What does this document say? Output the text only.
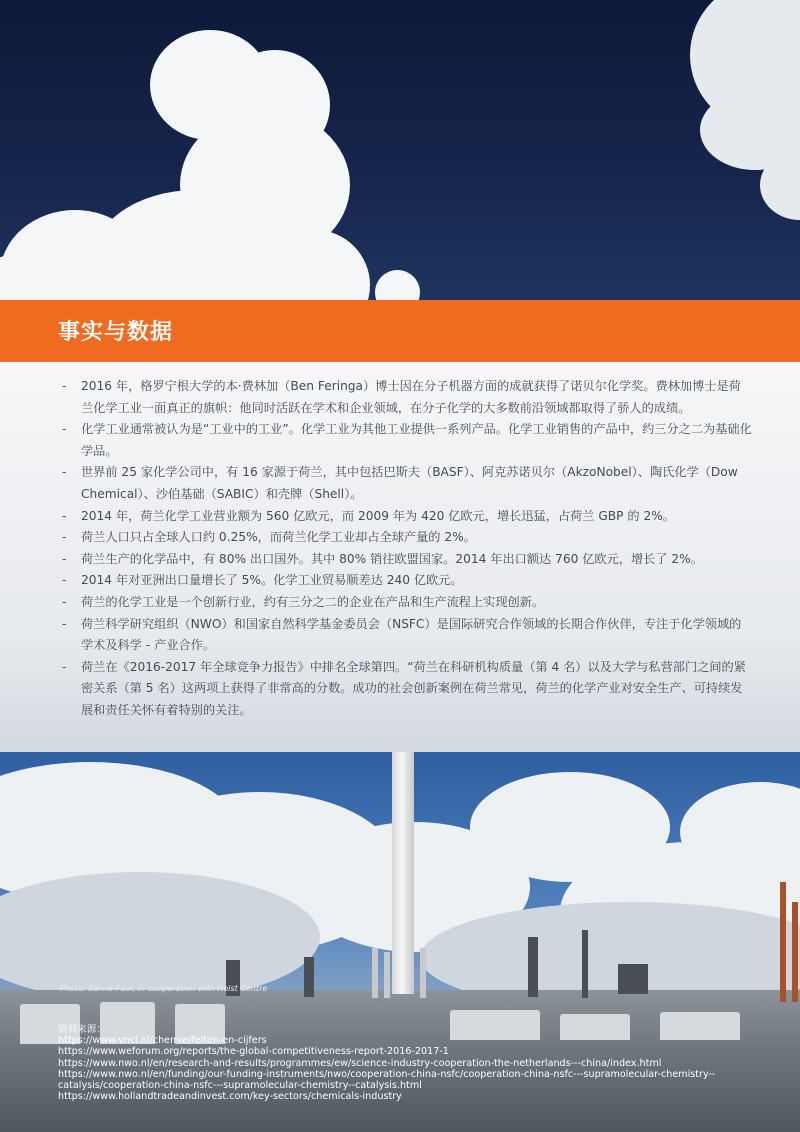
事实与数据
- 2016 年，格罗宁根大学的本·费林加（Ben Feringa）博士因在分子机器方面的成就获得了诺贝尔化学奖。费林加博士是荷兰化学工业一面真正的旗帜：他同时活跃在学术和企业领域，在分子化学的大多数前沿领域都取得了骄人的成绩。
- 化学工业通常被认为是“工业中的工业”。化学工业为其他工业提供一系列产品。化学工业销售的产品中，约三分之二为基础化学品。
- 世界前 25 家化学公司中，有 16 家源于荷兰，其中包括巴斯夫（BASF）、阿克苏诺贝尔（AkzoNobel）、陶氏化学（Dow Chemical）、沙伯基础（SABIC）和壳牌（Shell）。
- 2014 年，荷兰化学工业营业额为 560 亿欧元，而 2009 年为 420 亿欧元，增长迅猛，占荷兰 GBP 的 2%。
- 荷兰人口只占全球人口约 0.25%，而荷兰化学工业却占全球产量的 2%。
- 荷兰生产的化学品中，有 80% 出口国外。其中 80% 销往欧盟国家。2014 年出口额达 760 亿欧元，增长了 2%。
- 2014 年对亚洲出口量增长了 5%。化学工业贸易顺差达 240 亿欧元。
- 荷兰的化学工业是一个创新行业，约有三分之二的企业在产品和生产流程上实现创新。
- 荷兰科学研究组织（NWO）和国家自然科学基金委员会（NSFC）是国际研究合作领域的长期合作伙伴，专注于化学领域的学术及科学 - 产业合作。
- 荷兰在《2016-2017 年全球竞争力报告》中排名全球第四。“荷兰在科研机构质量（第 4 名）以及大学与私营部门之间的紧密关系（第 5 名）这两项上获得了非常高的分数。成功的社会创新案例在荷兰常见，荷兰的化学产业对安全生产、可持续发展和责任关怀有着特别的关注。
Photo: Sanne Paul, in cooperation with Holst Centre
资料来源：
https://www.vnci.nl/chemie/feiten-en-cijfers
https://www.weforum.org/reports/the-global-competitiveness-report-2016-2017-1
https://www.nwo.nl/en/research-and-results/programmes/ew/science-industry-cooperation-the-netherlands---china/index.html
https://www.nwo.nl/en/funding/our-funding-instruments/nwo/cooperation-china-nsfc/cooperation-china-nsfc---supramolecular-chemistry--
catalysis/cooperation-china-nsfc---supramolecular-chemistry--catalysis.html
https://www.hollandtradeandinvest.com/key-sectors/chemicals-industry
